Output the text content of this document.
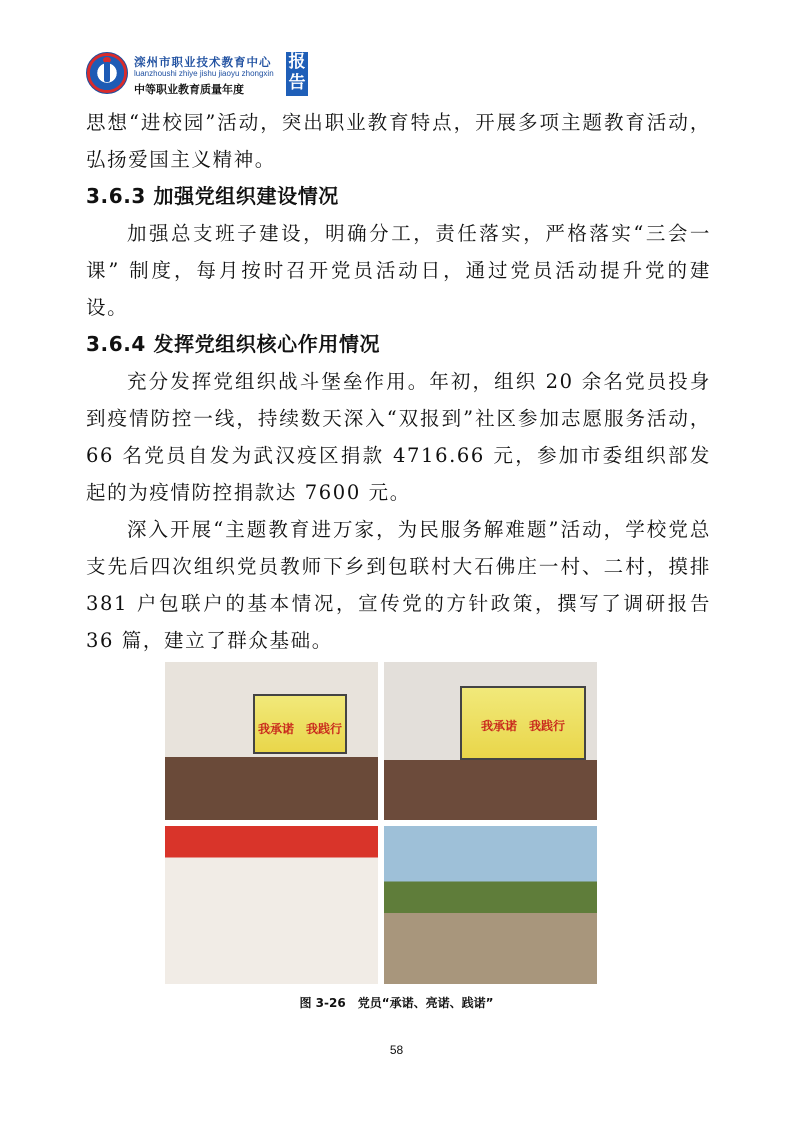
滦州市职业技术教育中心
luanzhoushi zhiye jishu jiaoyu zhongxin
中等职业教育质量年度
报告

思想“进校园”活动，突出职业教育特点，开展多项主题教育活动，弘扬爱国主义精神。

3.6.3 加强党组织建设情况

加强总支班子建设，明确分工，责任落实，严格落实“三会一课” 制度，每月按时召开党员活动日，通过党员活动提升党的建设。

3.6.4 发挥党组织核心作用情况

充分发挥党组织战斗堡垒作用。年初，组织 20 余名党员投身到疫情防控一线，持续数天深入“双报到”社区参加志愿服务活动， 66 名党员自发为武汉疫区捐款 4716.66 元，参加市委组织部发起的为疫情防控捐款达 7600 元。

深入开展“主题教育进万家，为民服务解难题”活动，学校党总支先后四次组织党员教师下乡到包联村大石佛庄一村、二村，摸排 381 户包联户的基本情况，宣传党的方针政策，撰写了调研报告 36 篇，建立了群众基础。

我承诺　我践行	我承诺　我践行
图 3-26　党员“承诺、亮诺、践诺”
58
